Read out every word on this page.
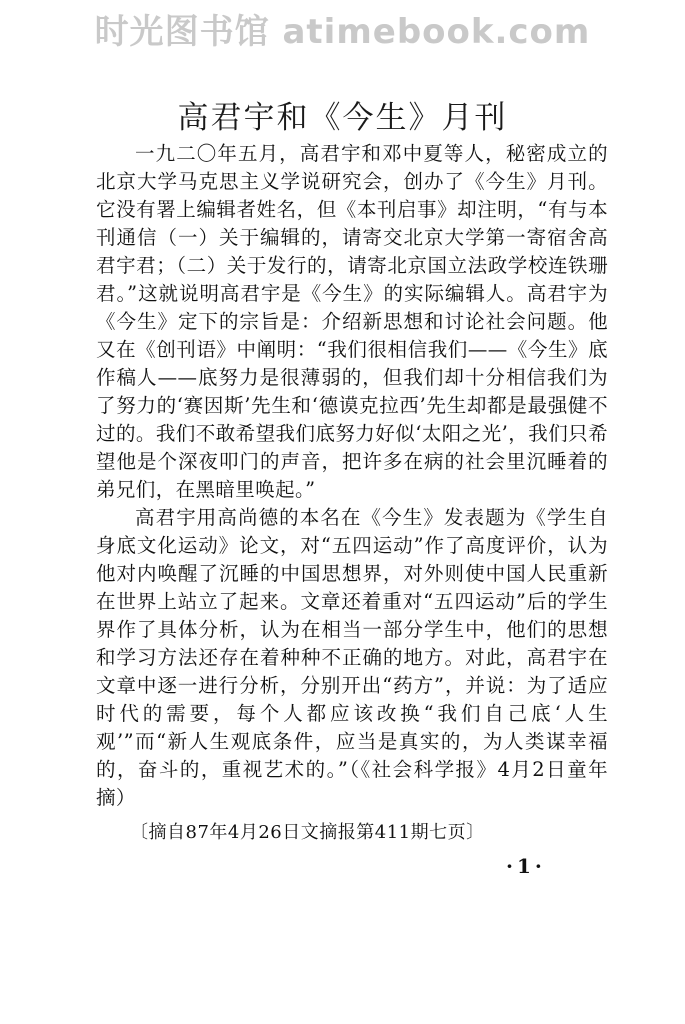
时光图书馆 atimebook.com
高君宇和《今生》月刊

一九二〇年五月，高君宇和邓中夏等人，秘密成立的北京大学马克思主义学说研究会，创办了《今生》月刊。它没有署上编辑者姓名，但《本刊启事》却注明，“有与本刊通信（一）关于编辑的，请寄交北京大学第一寄宿舍高君宇君；（二）关于发行的，请寄北京国立法政学校连铁珊君。”这就说明高君宇是《今生》的实际编辑人。高君宇为《今生》定下的宗旨是：介绍新思想和讨论社会问题。他又在《创刊语》中阐明：“我们很相信我们——《今生》底作稿人——底努力是很薄弱的，但我们却十分相信我们为了努力的‘赛因斯’先生和‘德谟克拉西’先生却都是最强健不过的。我们不敢希望我们底努力好似‘太阳之光’，我们只希望他是个深夜叩门的声音，把许多在病的社会里沉睡着的弟兄们，在黑暗里唤起。”

高君宇用高尚德的本名在《今生》发表题为《学生自身底文化运动》论文，对“五四运动”作了高度评价，认为他对内唤醒了沉睡的中国思想界，对外则使中国人民重新在世界上站立了起来。文章还着重对“五四运动”后的学生界作了具体分析，认为在相当一部分学生中，他们的思想和学习方法还存在着种种不正确的地方。对此，高君宇在文章中逐一进行分析，分别开出“药方”，并说：为了适应时代的需要，每个人都应该改换“我们自己底‘人生观’”而“新人生观底条件，应当是真实的，为人类谋幸福的，奋斗的，重视艺术的。”（《社会科学报》4月2日童年摘）

〔摘自87年4月26日文摘报第411期七页〕
·1·
